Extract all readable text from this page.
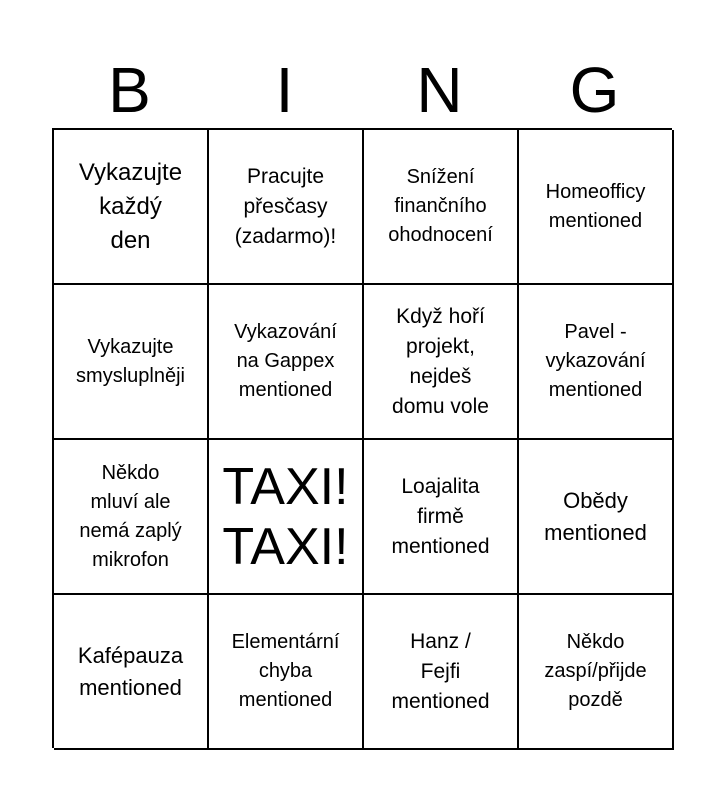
B	I	N	G
Vykazujte
každý
den
Pracujte
přesčasy
(zadarmo)!
Snížení
finančního
ohodnocení
Homeofficy
mentioned
Vykazujte
smysluplněji
Vykazování
na Gappex
mentioned
Když hoří
projekt,
nejdeš
domu vole
Pavel -
vykazování
mentioned
Někdo
mluví ale
nemá zaplý
mikrofon
TAXI!
TAXI!
Loajalita
firmě
mentioned
Obědy
mentioned
Kafépauza
mentioned
Elementární
chyba
mentioned
Hanz /
Fejfi
mentioned
Někdo
zaspí/přijde
pozdě
